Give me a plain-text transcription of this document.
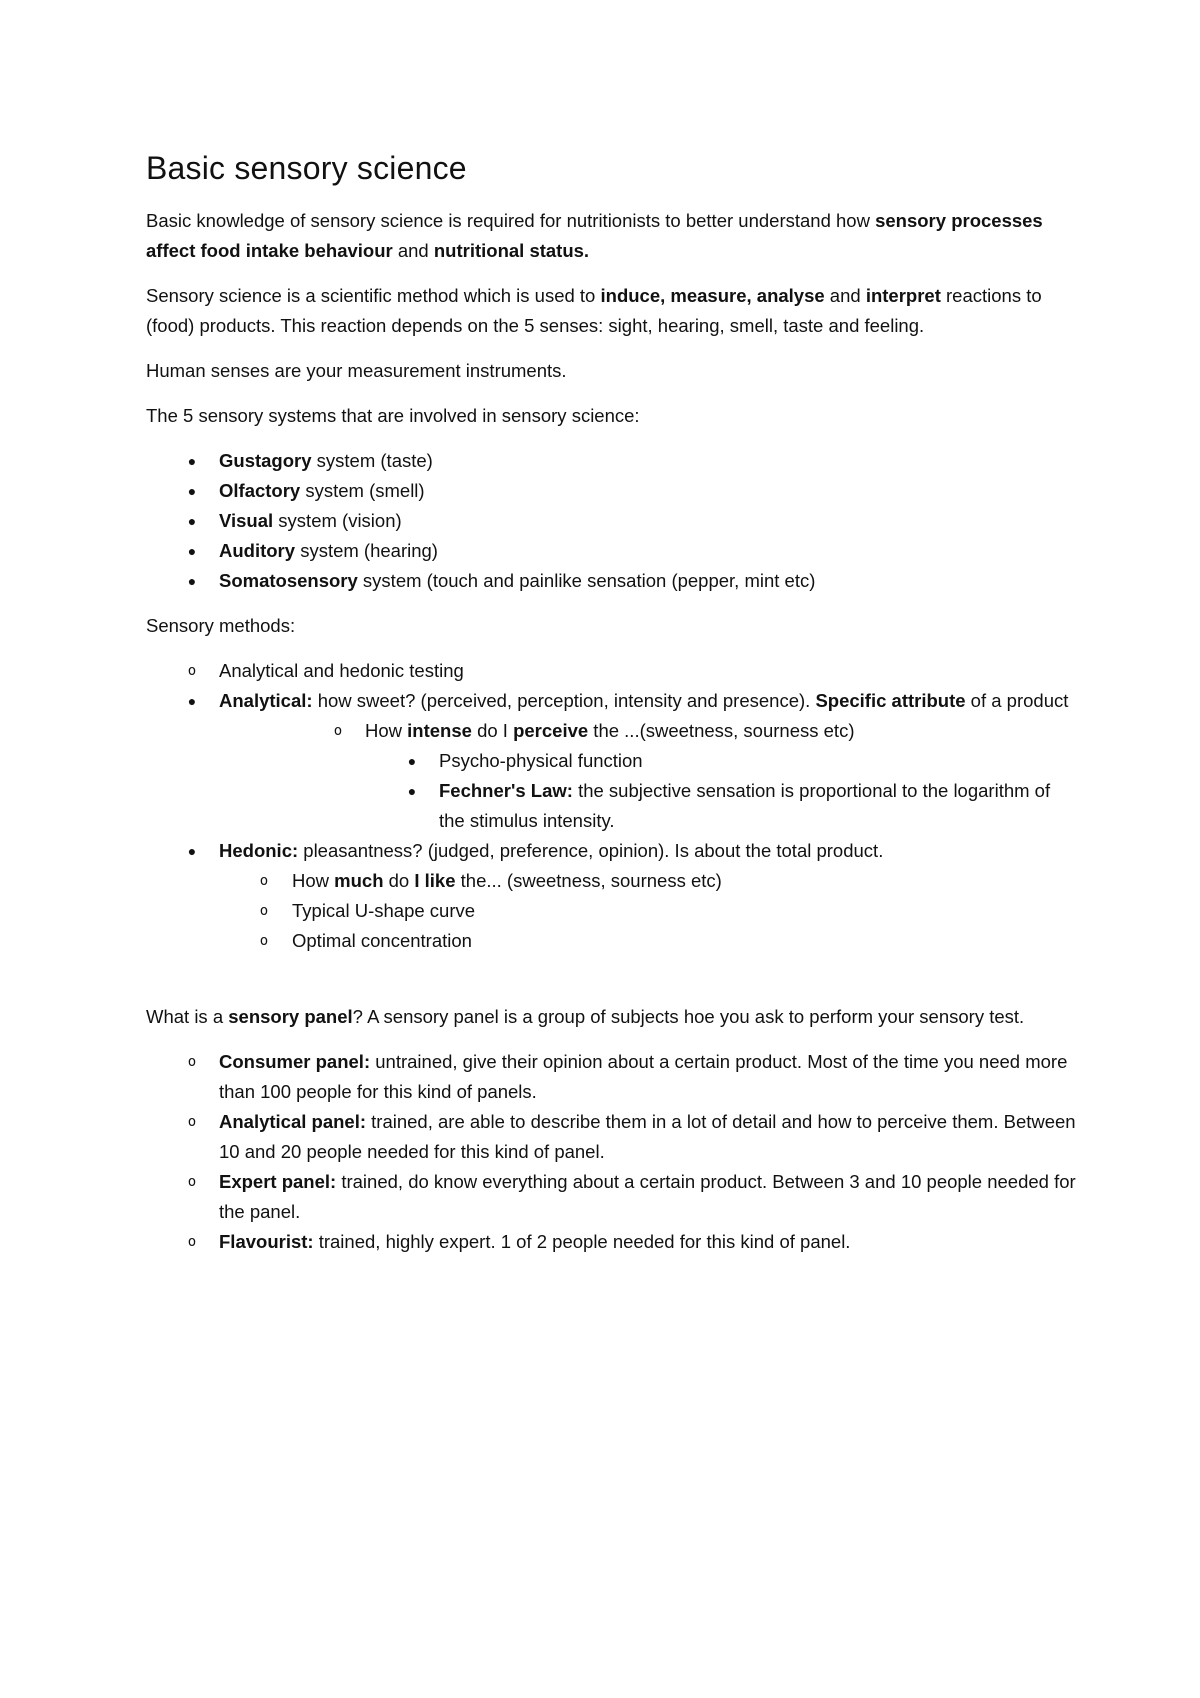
Basic sensory science

Basic knowledge of sensory science is required for nutritionists to better understand how sensory processes affect food intake behaviour and nutritional status.

Sensory science is a scientific method which is used to induce, measure, analyse and interpret reactions to (food) products. This reaction depends on the 5 senses: sight, hearing, smell, taste and feeling.

Human senses are your measurement instruments.

The 5 sensory systems that are involved in sensory science:

●	Gustagory system (taste)
●	Olfactory system (smell)
●	Visual system (vision)
●	Auditory system (hearing)
●	Somatosensory system (touch and painlike sensation (pepper, mint etc)

Sensory methods:

o	Analytical and hedonic testing
●	Analytical: how sweet? (perceived, perception, intensity and presence). Specific attribute of a product
o	How intense do I perceive the ...(sweetness, sourness etc)
●	Psycho-physical function
●	Fechner's Law: the subjective sensation is proportional to the logarithm of the stimulus intensity.
●	Hedonic: pleasantness? (judged, preference, opinion). Is about the total product.
o	How much do I like the... (sweetness, sourness etc)
o	Typical U-shape curve
o	Optimal concentration

What is a sensory panel? A sensory panel is a group of subjects hoe you ask to perform your sensory test.

o	Consumer panel: untrained, give their opinion about a certain product. Most of the time you need more than 100 people for this kind of panels.
o	Analytical panel: trained, are able to describe them in a lot of detail and how to perceive them. Between 10 and 20 people needed for this kind of panel.
o	Expert panel: trained, do know everything about a certain product. Between 3 and 10 people needed for the panel.
o	Flavourist: trained, highly expert. 1 of 2 people needed for this kind of panel.
